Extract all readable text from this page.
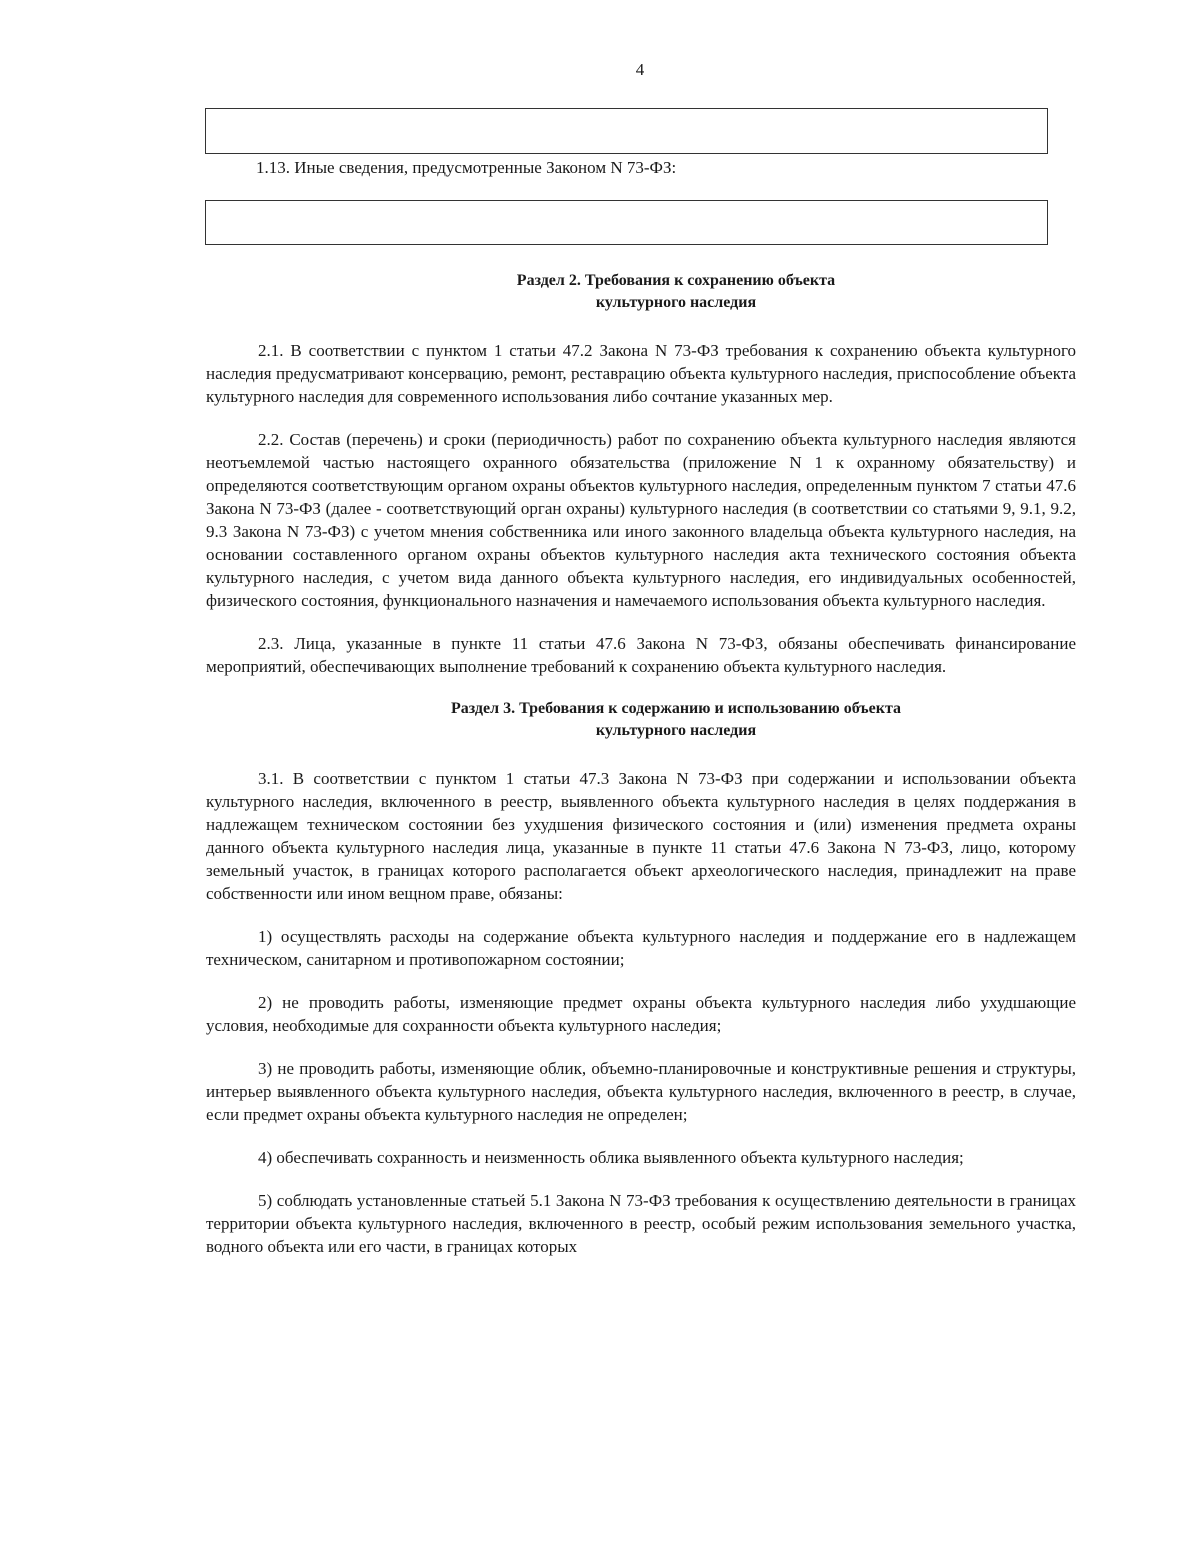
4
1.13. Иные сведения, предусмотренные Законом N 73-ФЗ:
Раздел 2. Требования к сохранению объекта
культурного наследия

2.1. В соответствии с пунктом 1 статьи 47.2 Закона N 73-ФЗ требования к сохранению объекта культурного наследия предусматривают консервацию, ремонт, реставрацию объекта культурного наследия, приспособление объекта культурного наследия для современного использования либо сочтание указанных мер.

2.2. Состав (перечень) и сроки (периодичность) работ по сохранению объекта культурного наследия являются неотъемлемой частью настоящего охранного обязательства (приложение N 1 к охранному обязательству) и определяются соответствующим органом охраны объектов культурного наследия, определенным пунктом 7 статьи 47.6 Закона N 73-ФЗ (далее - соответствующий орган охраны) культурного наследия (в соответствии со статьями 9, 9.1, 9.2, 9.3 Закона N 73-ФЗ) с учетом мнения собственника или иного законного владельца объекта культурного наследия, на основании составленного органом охраны объектов культурного наследия акта технического состояния объекта культурного наследия, с учетом вида данного объекта культурного наследия, его индивидуальных особенностей, физического состояния, функционального назначения и намечаемого использования объекта культурного наследия.

2.3. Лица, указанные в пункте 11 статьи 47.6 Закона N 73-ФЗ, обязаны обеспечивать финансирование мероприятий, обеспечивающих выполнение требований к сохранению объекта культурного наследия.

Раздел 3. Требования к содержанию и использованию объекта
культурного наследия

3.1. В соответствии с пунктом 1 статьи 47.3 Закона N 73-ФЗ при содержании и использовании объекта культурного наследия, включенного в реестр, выявленного объекта культурного наследия в целях поддержания в надлежащем техническом состоянии без ухудшения физического состояния и (или) изменения предмета охраны данного объекта культурного наследия лица, указанные в пункте 11 статьи 47.6 Закона N 73-ФЗ, лицо, которому земельный участок, в границах которого располагается объект археологического наследия, принадлежит на праве собственности или ином вещном праве, обязаны:

1) осуществлять расходы на содержание объекта культурного наследия и поддержание его в надлежащем техническом, санитарном и противопожарном состоянии;

2) не проводить работы, изменяющие предмет охраны объекта культурного наследия либо ухудшающие условия, необходимые для сохранности объекта культурного наследия;

3) не проводить работы, изменяющие облик, объемно-планировочные и конструктивные решения и структуры, интерьер выявленного объекта культурного наследия, объекта культурного наследия, включенного в реестр, в случае, если предмет охраны объекта культурного наследия не определен;

4) обеспечивать сохранность и неизменность облика выявленного объекта культурного наследия;

5) соблюдать установленные статьей 5.1 Закона N 73-ФЗ требования к осуществлению деятельности в границах территории объекта культурного наследия, включенного в реестр, особый режим использования земельного участка, водного объекта или его части, в границах которых
